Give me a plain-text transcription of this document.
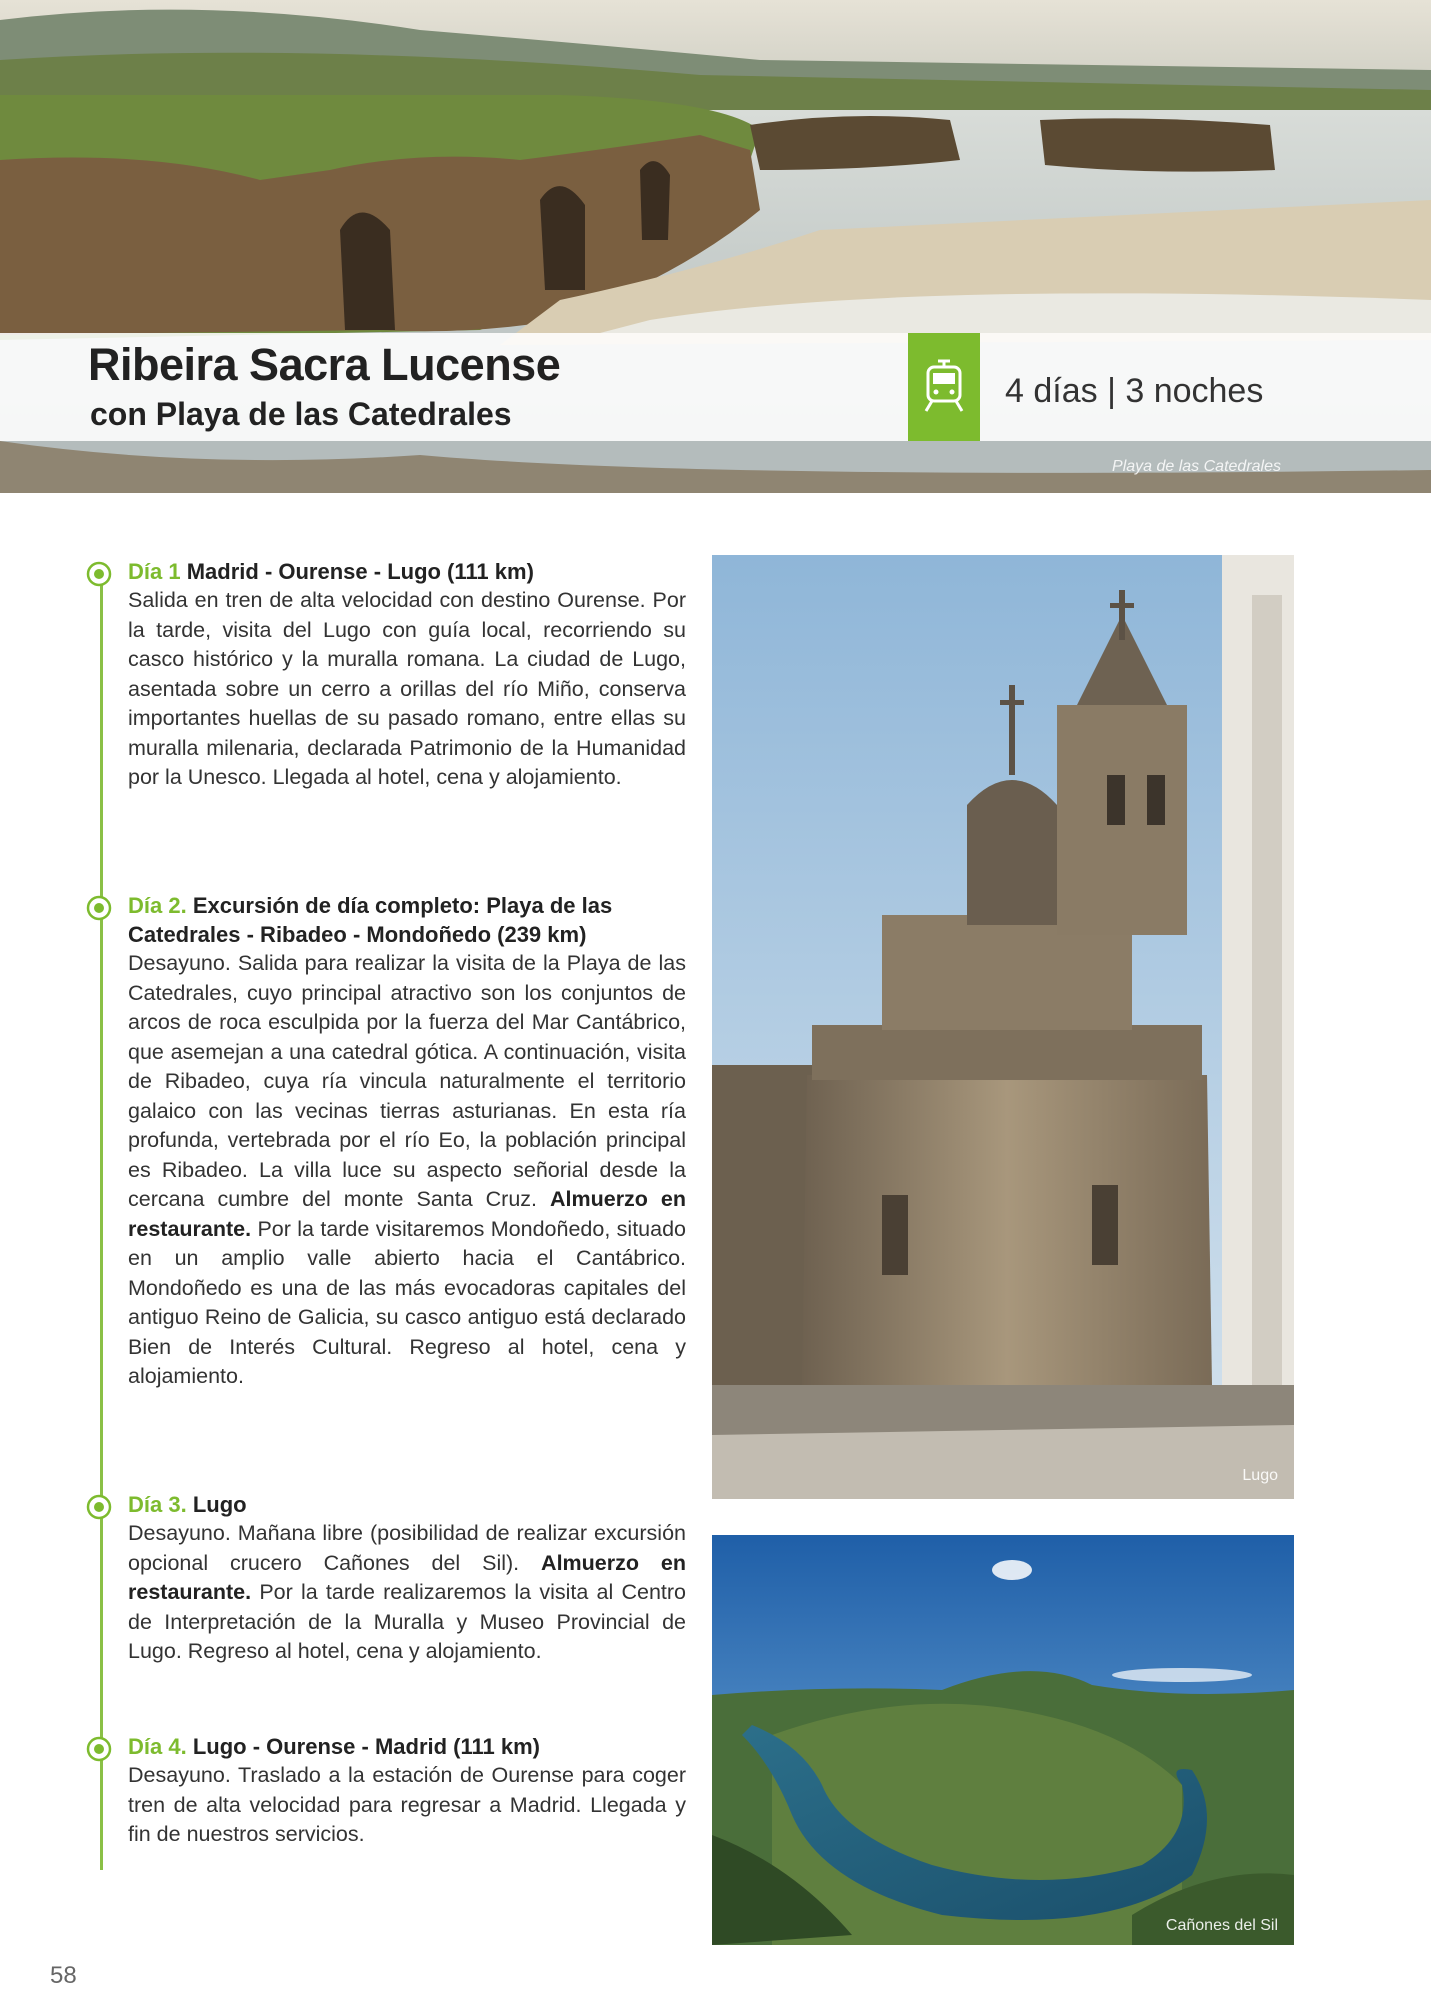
Ribeira Sacra Lucense
con Playa de las Catedrales
4 días | 3 noches
Playa de las Catedrales
Día 1 Madrid - Ourense - Lugo (111 km)
Salida en tren de alta velocidad con destino Ourense. Por la tarde, visita del Lugo con guía local, recorriendo su casco histórico y la muralla romana. La ciudad de Lugo, asentada sobre un cerro a orillas del río Miño, conserva importantes huellas de su pasado romano, entre ellas su muralla milenaria, declarada Patrimonio de la Humanidad por la Unesco. Llegada al hotel, cena y alojamiento.
Día 2. Excursión de día completo: Playa de las Catedrales - Ribadeo - Mondoñedo (239 km)
Desayuno. Salida para realizar la visita de la Playa de las Catedrales, cuyo principal atractivo son los conjuntos de arcos de roca esculpida por la fuerza del Mar Cantábrico, que asemejan a una catedral gótica. A continuación, visita de Ribadeo, cuya ría vincula naturalmente el territorio galaico con las vecinas tierras asturianas. En esta ría profunda, vertebrada por el río Eo, la población principal es Ribadeo. La villa luce su aspecto señorial desde la cercana cumbre del monte Santa Cruz. Almuerzo en restaurante. Por la tarde visitaremos Mondoñedo, situado en un amplio valle abierto hacia el Cantábrico. Mondoñedo es una de las más evocadoras capitales del antiguo Reino de Galicia, su casco antiguo está declarado Bien de Interés Cultural. Regreso al hotel, cena y alojamiento.
Día 3. Lugo
Desayuno. Mañana libre (posibilidad de realizar excursión opcional crucero Cañones del Sil). Almuerzo en restaurante. Por la tarde realizaremos la visita al Centro de Interpretación de la Muralla y Museo Provincial de Lugo. Regreso al hotel, cena y alojamiento.
Día 4. Lugo - Ourense - Madrid (111 km)
Desayuno. Traslado a la estación de Ourense para coger tren de alta velocidad para regresar a Madrid. Llegada y fin de nuestros servicios.
Lugo
Cañones del Sil
58
